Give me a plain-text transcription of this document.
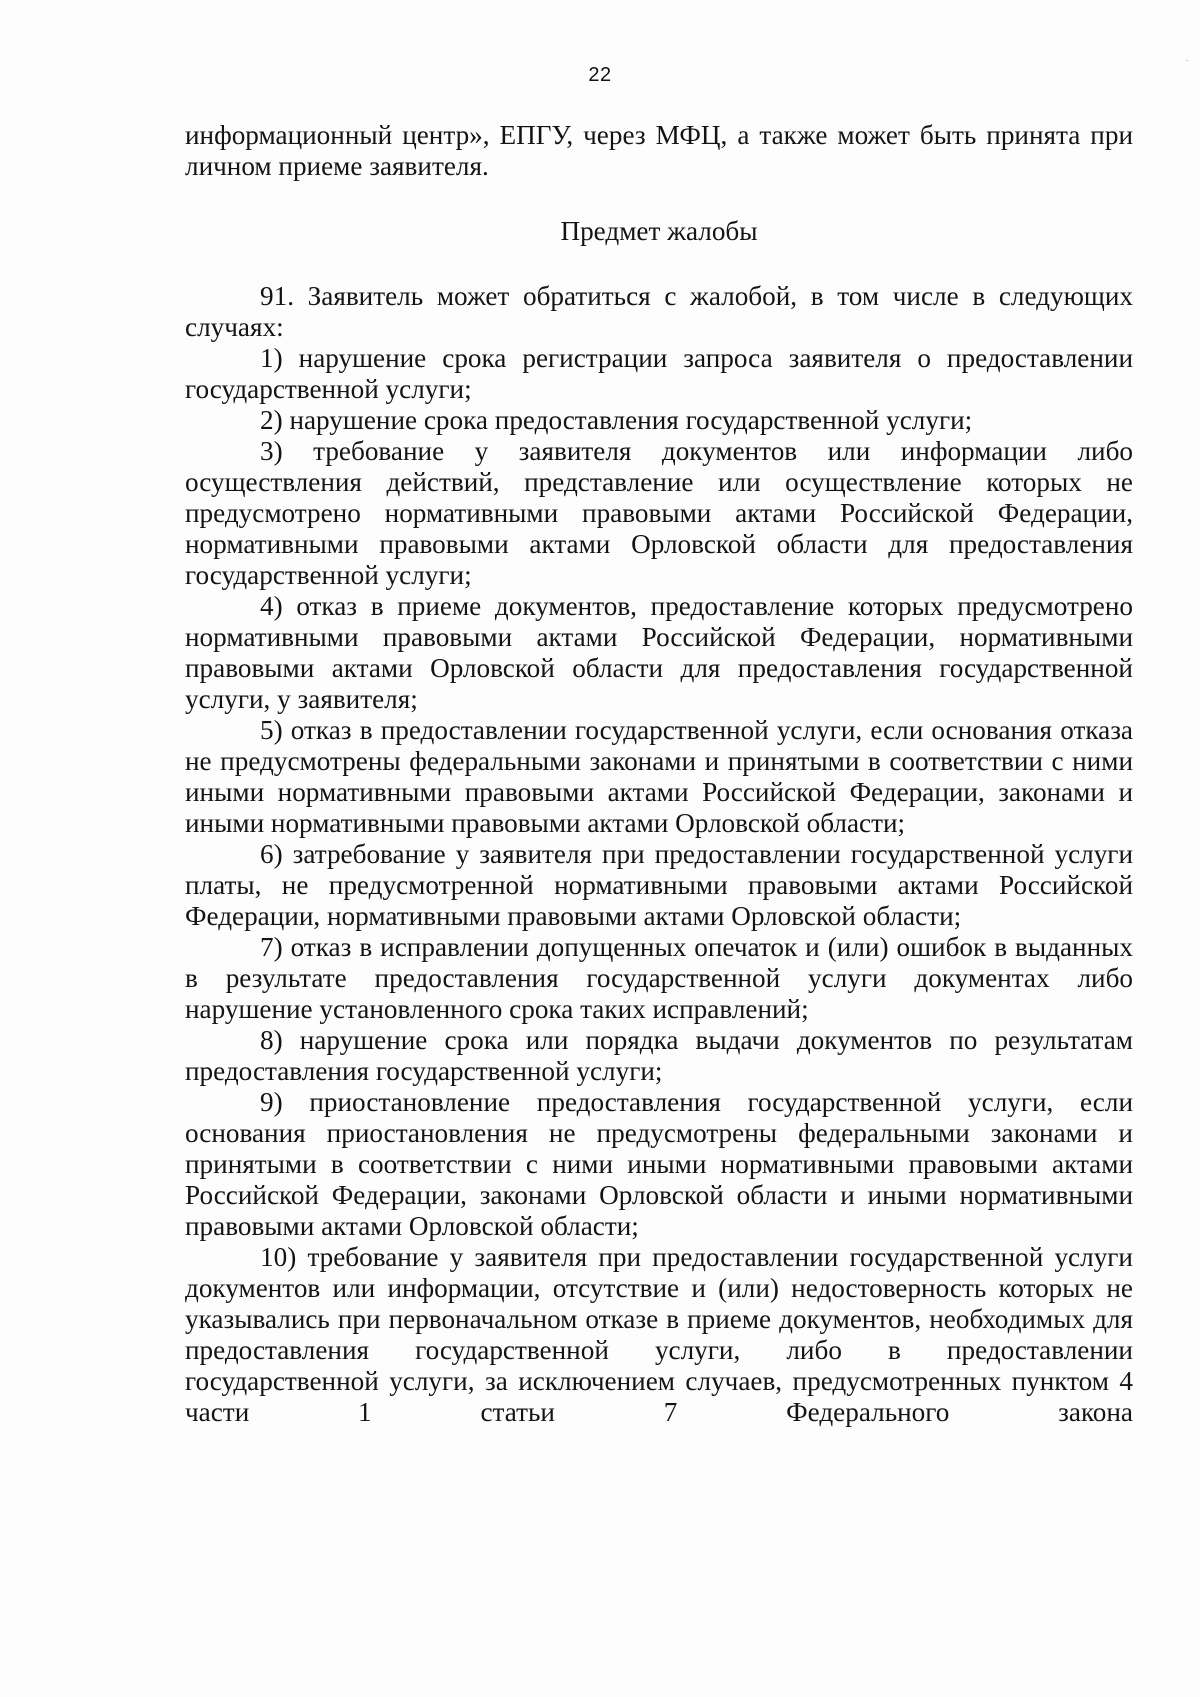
22

информационный центр», ЕПГУ, через МФЦ, а также может быть принята при личном приеме заявителя.

Предмет жалобы

91. Заявитель может обратиться с жалобой, в том числе в следующих случаях:

1) нарушение срока регистрации запроса заявителя о предоставлении государственной услуги;

2) нарушение срока предоставления государственной услуги;

3) требование у заявителя документов или информации либо осуществления действий, представление или осуществление которых не предусмотрено нормативными правовыми актами Российской Федерации, нормативными правовыми актами Орловской области для предоставления государственной услуги;

4) отказ в приеме документов, предоставление которых предусмотрено нормативными правовыми актами Российской Федерации, нормативными правовыми актами Орловской области для предоставления государственной услуги, у заявителя;

5) отказ в предоставлении государственной услуги, если основания отказа не предусмотрены федеральными законами и принятыми в соответствии с ними иными нормативными правовыми актами Российской Федерации, законами и иными нормативными правовыми актами Орловской области;

6) затребование у заявителя при предоставлении государственной услуги платы, не предусмотренной нормативными правовыми актами Российской Федерации, нормативными правовыми актами Орловской области;

7) отказ в исправлении допущенных опечаток и (или) ошибок в выданных в результате предоставления государственной услуги документах либо нарушение установленного срока таких исправлений;

8) нарушение срока или порядка выдачи документов по результатам предоставления государственной услуги;

9) приостановление предоставления государственной услуги, если основания приостановления не предусмотрены федеральными законами и принятыми в соответствии с ними иными нормативными правовыми актами Российской Федерации, законами Орловской области и иными нормативными правовыми актами Орловской области;

10) требование у заявителя при предоставлении государственной услуги документов или информации, отсутствие и (или) недостоверность которых не указывались при первоначальном отказе в приеме документов, необходимых для предоставления государственной услуги, либо в предоставлении государственной услуги, за исключением случаев, предусмотренных пунктом 4 части 1 статьи 7 Федерального закона
